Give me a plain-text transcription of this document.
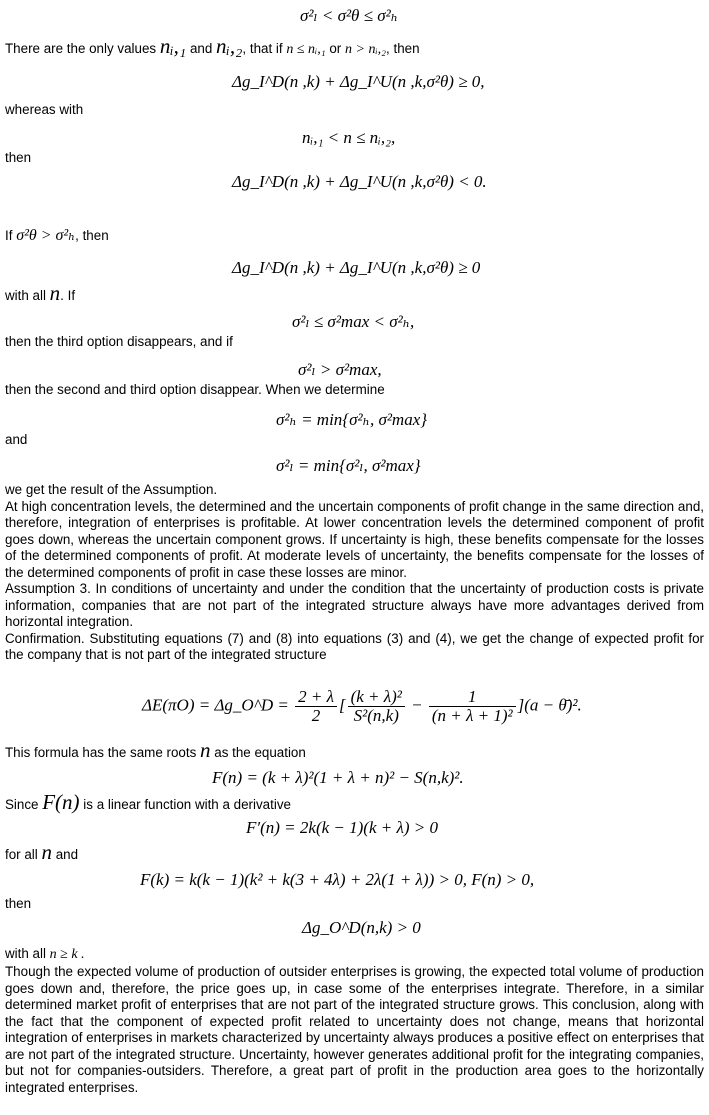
σ²ₗ < σ²θ ≤ σ²ₕ
There are the only values nᵢ,₁ and nᵢ,₂, that if n ≤ nᵢ,₁ or n > nᵢ,₂, then
Δg_I^D(n ,k) + Δg_I^U(n ,k,σ²θ) ≥ 0,
whereas with
nᵢ,₁ < n ≤ nᵢ,₂,
then
Δg_I^D(n ,k) + Δg_I^U(n ,k,σ²θ) < 0.
If σ²θ > σ²ₕ, then
Δg_I^D(n ,k) + Δg_I^U(n ,k,σ²θ) ≥ 0
with all n. If
σ²ₗ ≤ σ²max < σ²ₕ,
then the third option disappears, and if
σ²ₗ > σ²max,
then the second and third option disappear. When we determine
σ²ₕ = min{σ²ₕ, σ²max}
and
σ²ₗ = min{σ²ₗ, σ²max}
we get the result of the Assumption.
At high concentration levels, the determined and the uncertain components of profit change in the same direction and, therefore, integration of enterprises is profitable. At lower concentration levels the determined component of profit goes down, whereas the uncertain component grows. If uncertainty is high, these benefits compensate for the losses of the determined components of profit. At moderate levels of uncertainty, the benefits compensate for the losses of the determined components of profit in case these losses are minor.
Assumption 3. In conditions of uncertainty and under the condition that the uncertainty of production costs is private information, companies that are not part of the integrated structure always have more advantages derived from horizontal integration.
Confirmation. Substituting equations (7) and (8) into equations (3) and (4), we get the change of expected profit for the company that is not part of the integrated structure
ΔE(πO) = Δg_O^D = $\frac{2 + \lambda}{2}$ [ $\frac{\text{(k + λ)²}}{\text{S²(n,k)}} - \frac{1}{\text{(n + λ + 1)²}} ](a$ − θ̄)².
This formula has the same roots n as the equation
F(n) = (k + λ)²(1 + λ + n)² − S(n,k)².
Since F(n) is a linear function with a derivative
F′(n) = 2k(k − 1)(k + λ) > 0
for all n and
F(k) = k(k − 1)(k² + k(3 + 4λ) + 2λ(1 + λ)) > 0, F(n) > 0,
then
Δg_O^D(n,k) > 0
with all n ≥ k .
Though the expected volume of production of outsider enterprises is growing, the expected total volume of production goes down and, therefore, the price goes up, in case some of the enterprises integrate. Therefore, in a similar determined market profit of enterprises that are not part of the integrated structure grows. This conclusion, along with the fact that the component of expected profit related to uncertainty does not change, means that horizontal integration of enterprises in markets characterized by uncertainty always produces a positive effect on enterprises that are not part of the integrated structure. Uncertainty, however generates additional profit for the integrating companies, but not for companies-outsiders. Therefore, a great part of profit in the production area goes to the horizontally integrated enterprises.
